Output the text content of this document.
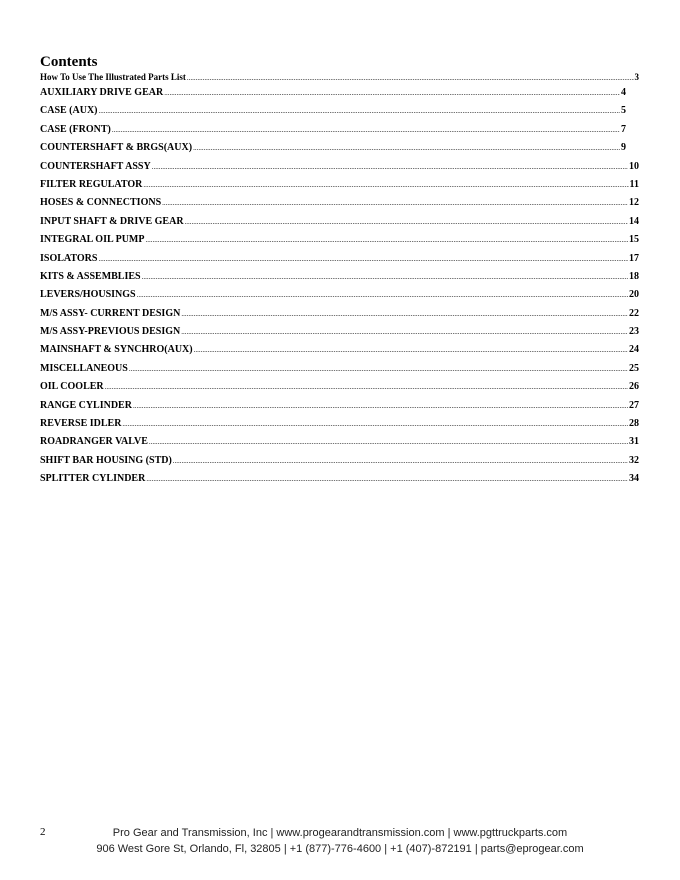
Contents
How To Use The Illustrated Parts List .....	3
AUXILIARY DRIVE GEAR .....	4
CASE (AUX) .....	5
CASE (FRONT) .....	7
COUNTERSHAFT & BRGS(AUX) .....	9
COUNTERSHAFT ASSY .....	10
FILTER REGULATOR .....	11
HOSES & CONNECTIONS .....	12
INPUT SHAFT & DRIVE GEAR .....	14
INTEGRAL OIL PUMP .....	15
ISOLATORS .....	17
KITS & ASSEMBLIES .....	18
LEVERS/HOUSINGS .....	20
M/S ASSY- CURRENT DESIGN .....	22
M/S ASSY-PREVIOUS DESIGN .....	23
MAINSHAFT & SYNCHRO(AUX) .....	24
MISCELLANEOUS .....	25
OIL COOLER .....	26
RANGE CYLINDER .....	27
REVERSE IDLER .....	28
ROADRANGER VALVE .....	31
SHIFT BAR HOUSING (STD) .....	32
SPLITTER CYLINDER .....	34
2	Pro Gear and Transmission, Inc | www.progearandtransmission.com | www.pgttruckparts.com
906 West Gore St, Orlando, Fl, 32805 | +1 (877)-776-4600 | +1 (407)-872191 | parts@eprogear.com
